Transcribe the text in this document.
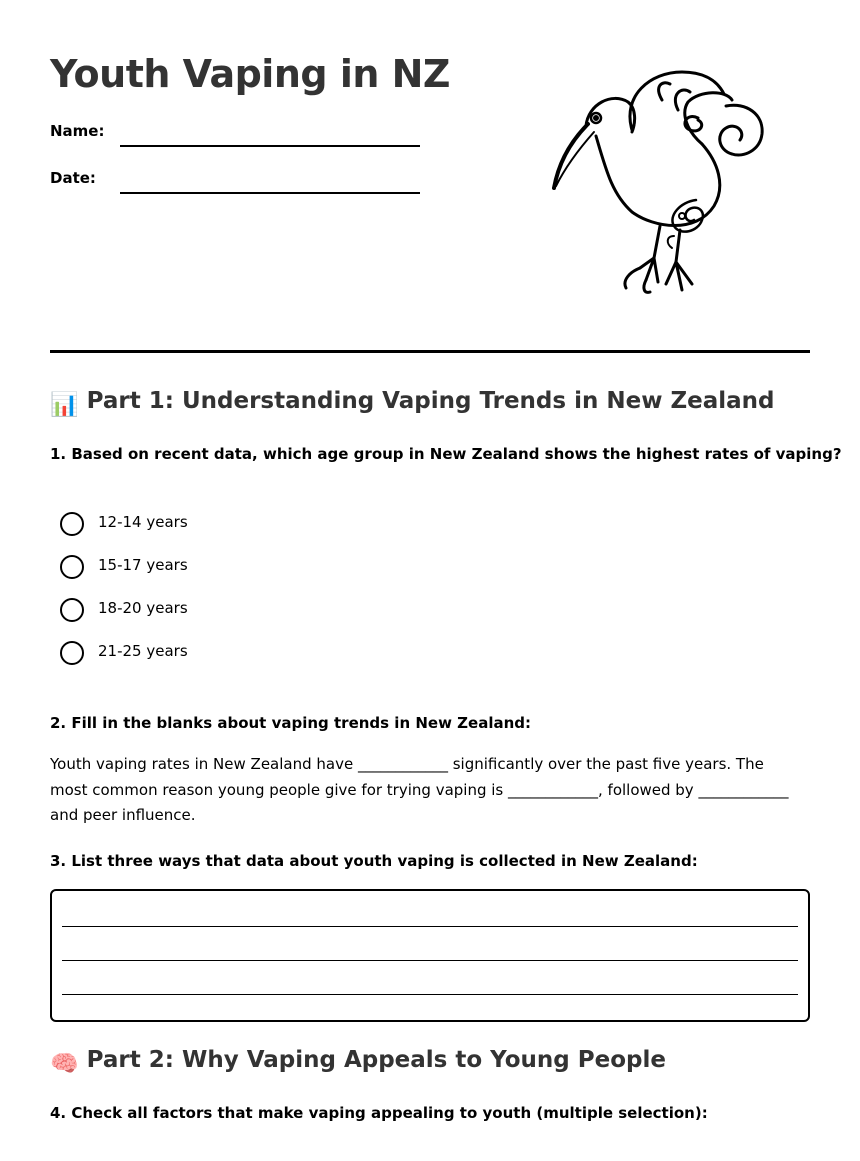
Youth Vaping in NZ
Name:
Date:
📊 Part 1: Understanding Vaping Trends in New Zealand

1. Based on recent data, which age group in New Zealand shows the highest rates of vaping?

12-14 years
15-17 years
18-20 years
21-25 years

2. Fill in the blanks about vaping trends in New Zealand:

Youth vaping rates in New Zealand have ____________ significantly over the past five years. The most common reason young people give for trying vaping is ____________, followed by ____________ and peer influence.

3. List three ways that data about youth vaping is collected in New Zealand:

🧠 Part 2: Why Vaping Appeals to Young People

4. Check all factors that make vaping appealing to youth (multiple selection):
